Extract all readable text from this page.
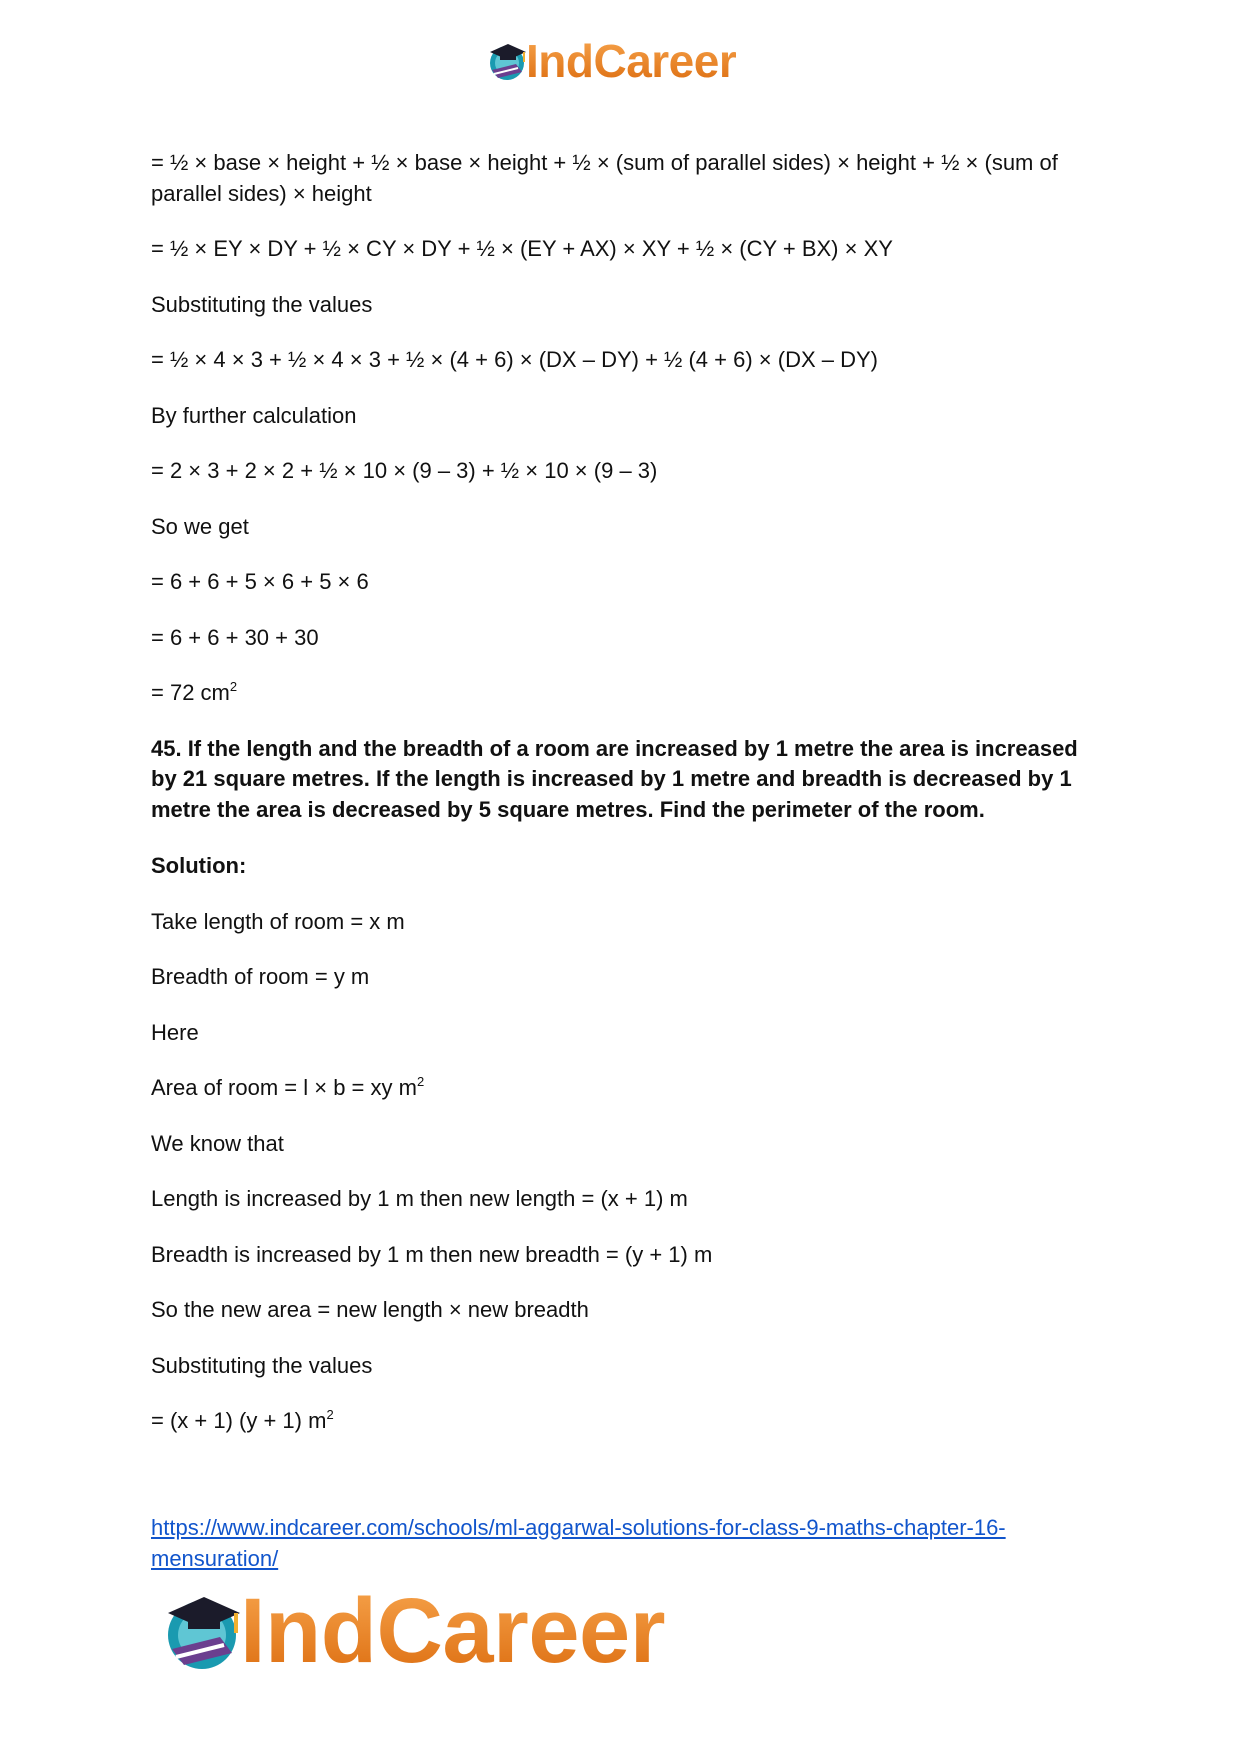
IndCareer

= ½ × base × height + ½ × base × height + ½ × (sum of parallel sides) × height + ½ × (sum of parallel sides) × height

= ½ × EY × DY + ½ × CY × DY + ½ × (EY + AX) × XY + ½ × (CY + BX) × XY

Substituting the values

= ½ × 4 × 3 + ½ × 4 × 3 + ½ × (4 + 6) × (DX – DY) + ½ (4 + 6) × (DX – DY)

By further calculation

= 2 × 3 + 2 × 2 + ½ × 10 × (9 – 3) + ½ × 10 × (9 – 3)

So we get

= 6 + 6 + 5 × 6 + 5 × 6

= 6 + 6 + 30 + 30

= 72 $cm^2$

45. If the length and the breadth of a room are increased by 1 metre the area is increased by 21 square metres. If the length is increased by 1 metre and breadth is decreased by 1 metre the area is decreased by 5 square metres. Find the perimeter of the room.

Solution:

Take length of room = x m

Breadth of room = y m

Here

Area of room = l × b = xy $m^2$

We know that

Length is increased by 1 m then new length = (x + 1) m

Breadth is increased by 1 m then new breadth = (y + 1) m

So the new area = new length × new breadth

Substituting the values

= (x + 1) (y + 1) $m^2$

https://www.indcareer.com/schools/ml-aggarwal-solutions-for-class-9-maths-chapter-16-mensuration/
IndCareer
